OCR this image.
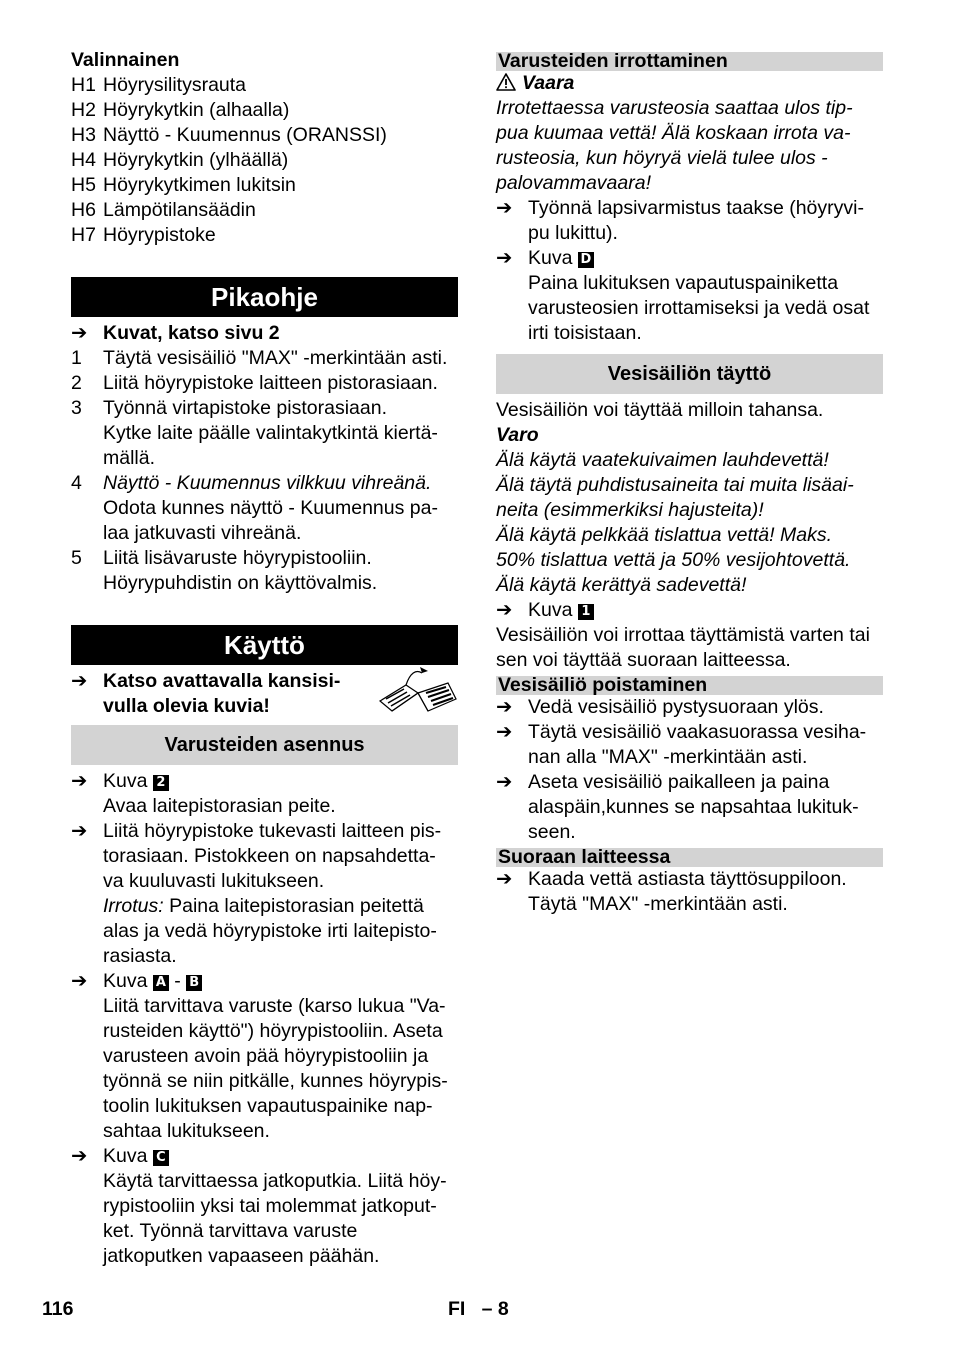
Valinnainen
H1 Höyrysilitysrauta
H2 Höyrykytkin (alhaalla)
H3 Näyttö - Kuumennus (ORANSSI)
H4 Höyrykytkin (ylhäällä)
H5 Höyrykytkimen lukitsin
H6 Lämpötilansäädin
H7 Höyrypistoke
Pikaohje
➔ Kuvat, katso sivu 2
1	Täytä vesisäiliö "MAX" -merkintään asti.
2	Liitä höyrypistoke laitteen pistorasiaan.
3	Työnnä virtapistoke pistorasiaan.
Kytke laite päälle valintakytkintä kiertä-
mällä.
4	Näyttö - Kuumennus vilkkuu vihreänä.
Odota kunnes näyttö - Kuumennus pa-
laa jatkuvasti vihreänä.
5	Liitä lisävaruste höyrypistooliin.
Höyrypuhdistin on käyttövalmis.
Käyttö
➔ Katso avattavalla kansisi-
vulla olevia kuvia!
Varusteiden asennus
➔ Kuva 2
Avaa laitepistorasian peite.
➔ Liitä höyrypistoke tukevasti laitteen pis-
torasiaan. Pistokkeen on napsahdetta-
va kuuluvasti lukitukseen.
Irrotus: Paina laitepistorasian peitettä
alas ja vedä höyrypistoke irti laitepisto-
rasiasta.
➔ Kuva A - B
Liitä tarvittava varuste (karso lukua "Va-
rusteiden käyttö") höyrypistooliin. Aseta
varusteen avoin pää höyrypistooliin ja
työnnä se niin pitkälle, kunnes höyrypis-
toolin lukituksen vapautuspainike nap-
sahtaa lukitukseen.
➔ Kuva C
Käytä tarvittaessa jatkoputkia. Liitä höy-
rypistooliin yksi tai molemmat jatkoput-
ket. Työnnä tarvittava varuste
jatkoputken vapaaseen päähän.
Varusteiden irrottaminen
Vaara
Irrotettaessa varusteosia saattaa ulos tip-
pua kuumaa vettä! Älä koskaan irrota va-
rusteosia, kun höyryä vielä tulee ulos -
palovammavaara!
➔ Työnnä lapsivarmistus taakse (höyryvi-
pu lukittu).
➔ Kuva D
Paina lukituksen vapautuspainiketta
varusteosien irrottamiseksi ja vedä osat
irti toisistaan.
Vesisäiliön täyttö
Vesisäiliön voi täyttää milloin tahansa.
Varo
Älä käytä vaatekuivaimen lauhdevettä!
Älä täytä puhdistusaineita tai muita lisäai-
neita (esimmerkiksi hajusteita)!
Älä käytä pelkkää tislattua vettä! Maks.
50% tislattua vettä ja 50% vesijohtovettä.
Älä käytä kerättyä sadevettä!
➔ Kuva 1
Vesisäiliön voi irrottaa täyttämistä varten tai
sen voi täyttää suoraan laitteessa.
Vesisäiliö poistaminen
➔ Vedä vesisäiliö pystysuoraan ylös.
➔ Täytä vesisäiliö vaakasuorassa vesiha-
nan alla "MAX" -merkintään asti.
➔ Aseta vesisäiliö paikalleen ja paina
alaspäin,kunnes se napsahtaa lukituk-
seen.
Suoraan laitteessa
➔ Kaada vettä astiasta täyttösuppiloon.
Täytä "MAX" -merkintään asti.
116	FI   – 8
